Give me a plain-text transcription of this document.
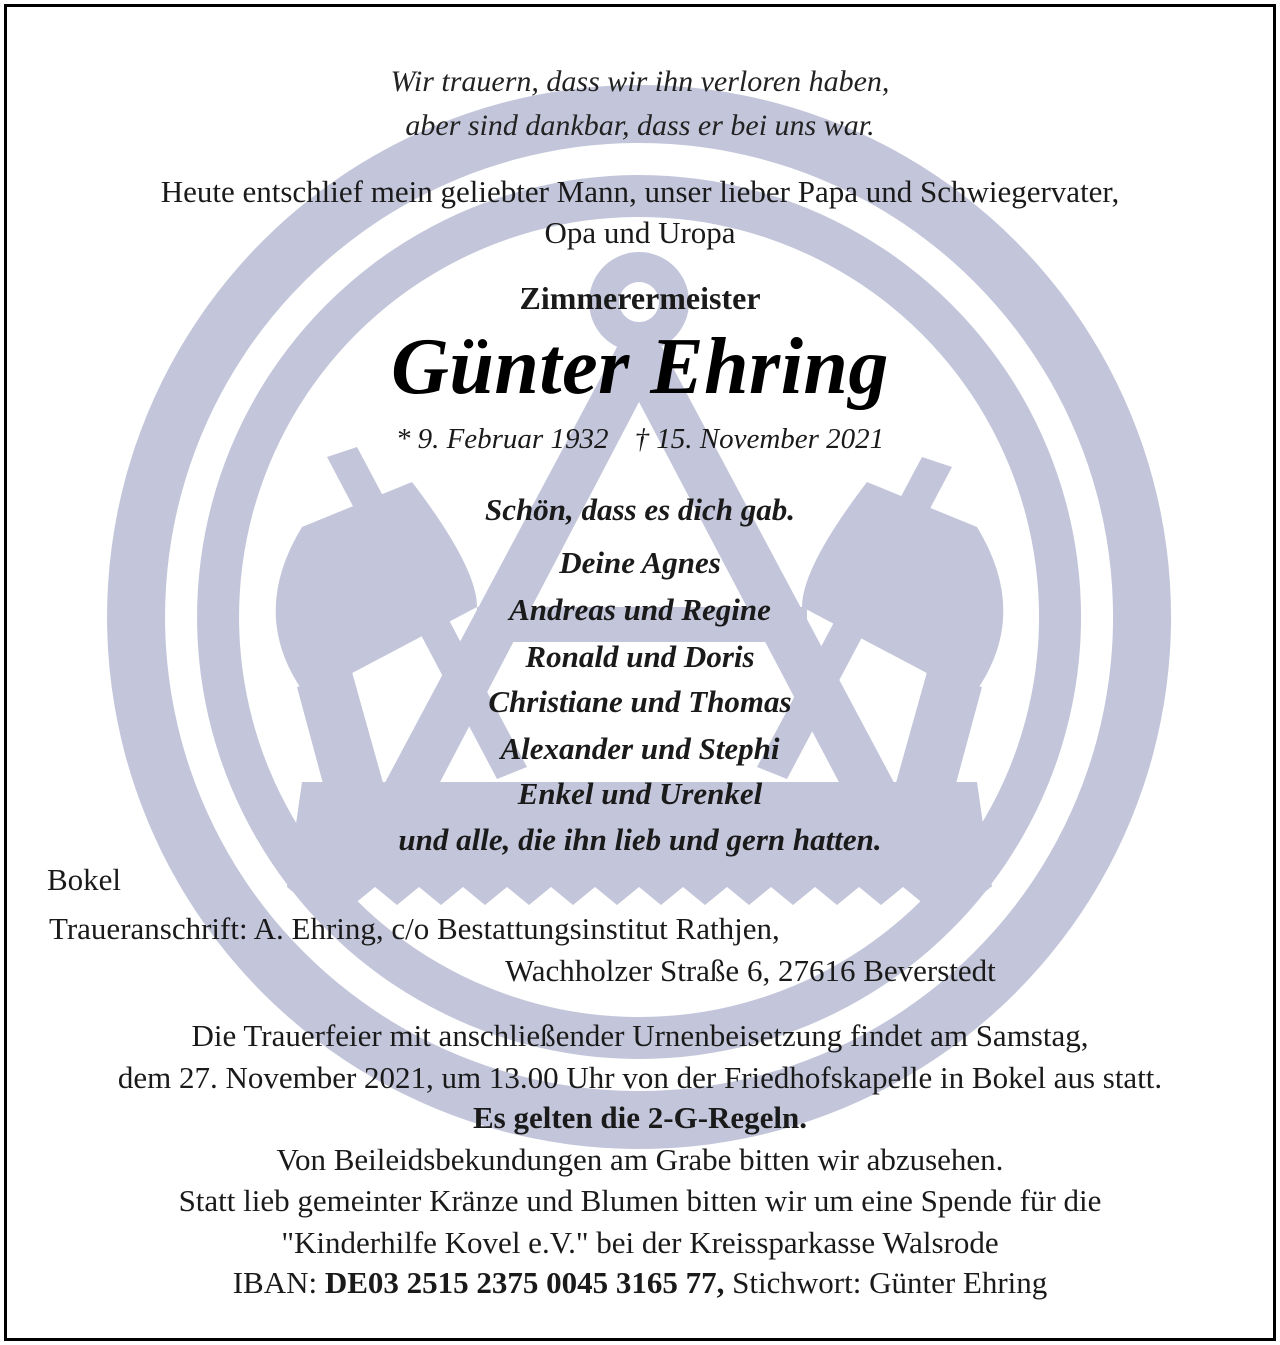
Wir trauern, dass wir ihn verloren haben,
aber sind dankbar, dass er bei uns war.
Heute entschlief mein geliebter Mann, unser lieber Papa und Schwiegervater,
Opa und Uropa
Zimmerermeister
Günter Ehring
* 9. Februar 1932 † 15. November 2021
Schön, dass es dich gab.
Deine Agnes
Andreas und Regine
Ronald und Doris
Christiane und Thomas
Alexander und Stephi
Enkel und Urenkel
und alle, die ihn lieb und gern hatten.
Bokel
Traueranschrift: A. Ehring, c/o Bestattungsinstitut Rathjen,
Wachholzer Straße 6, 27616 Beverstedt
Die Trauerfeier mit anschließender Urnenbeisetzung findet am Samstag,
dem 27. November 2021, um 13.00 Uhr von der Friedhofskapelle in Bokel aus statt.
Es gelten die 2-G-Regeln.
Von Beileidsbekundungen am Grabe bitten wir abzusehen.
Statt lieb gemeinter Kränze und Blumen bitten wir um eine Spende für die
"Kinderhilfe Kovel e.V." bei der Kreissparkasse Walsrode
IBAN: DE03 2515 2375 0045 3165 77, Stichwort: Günter Ehring
